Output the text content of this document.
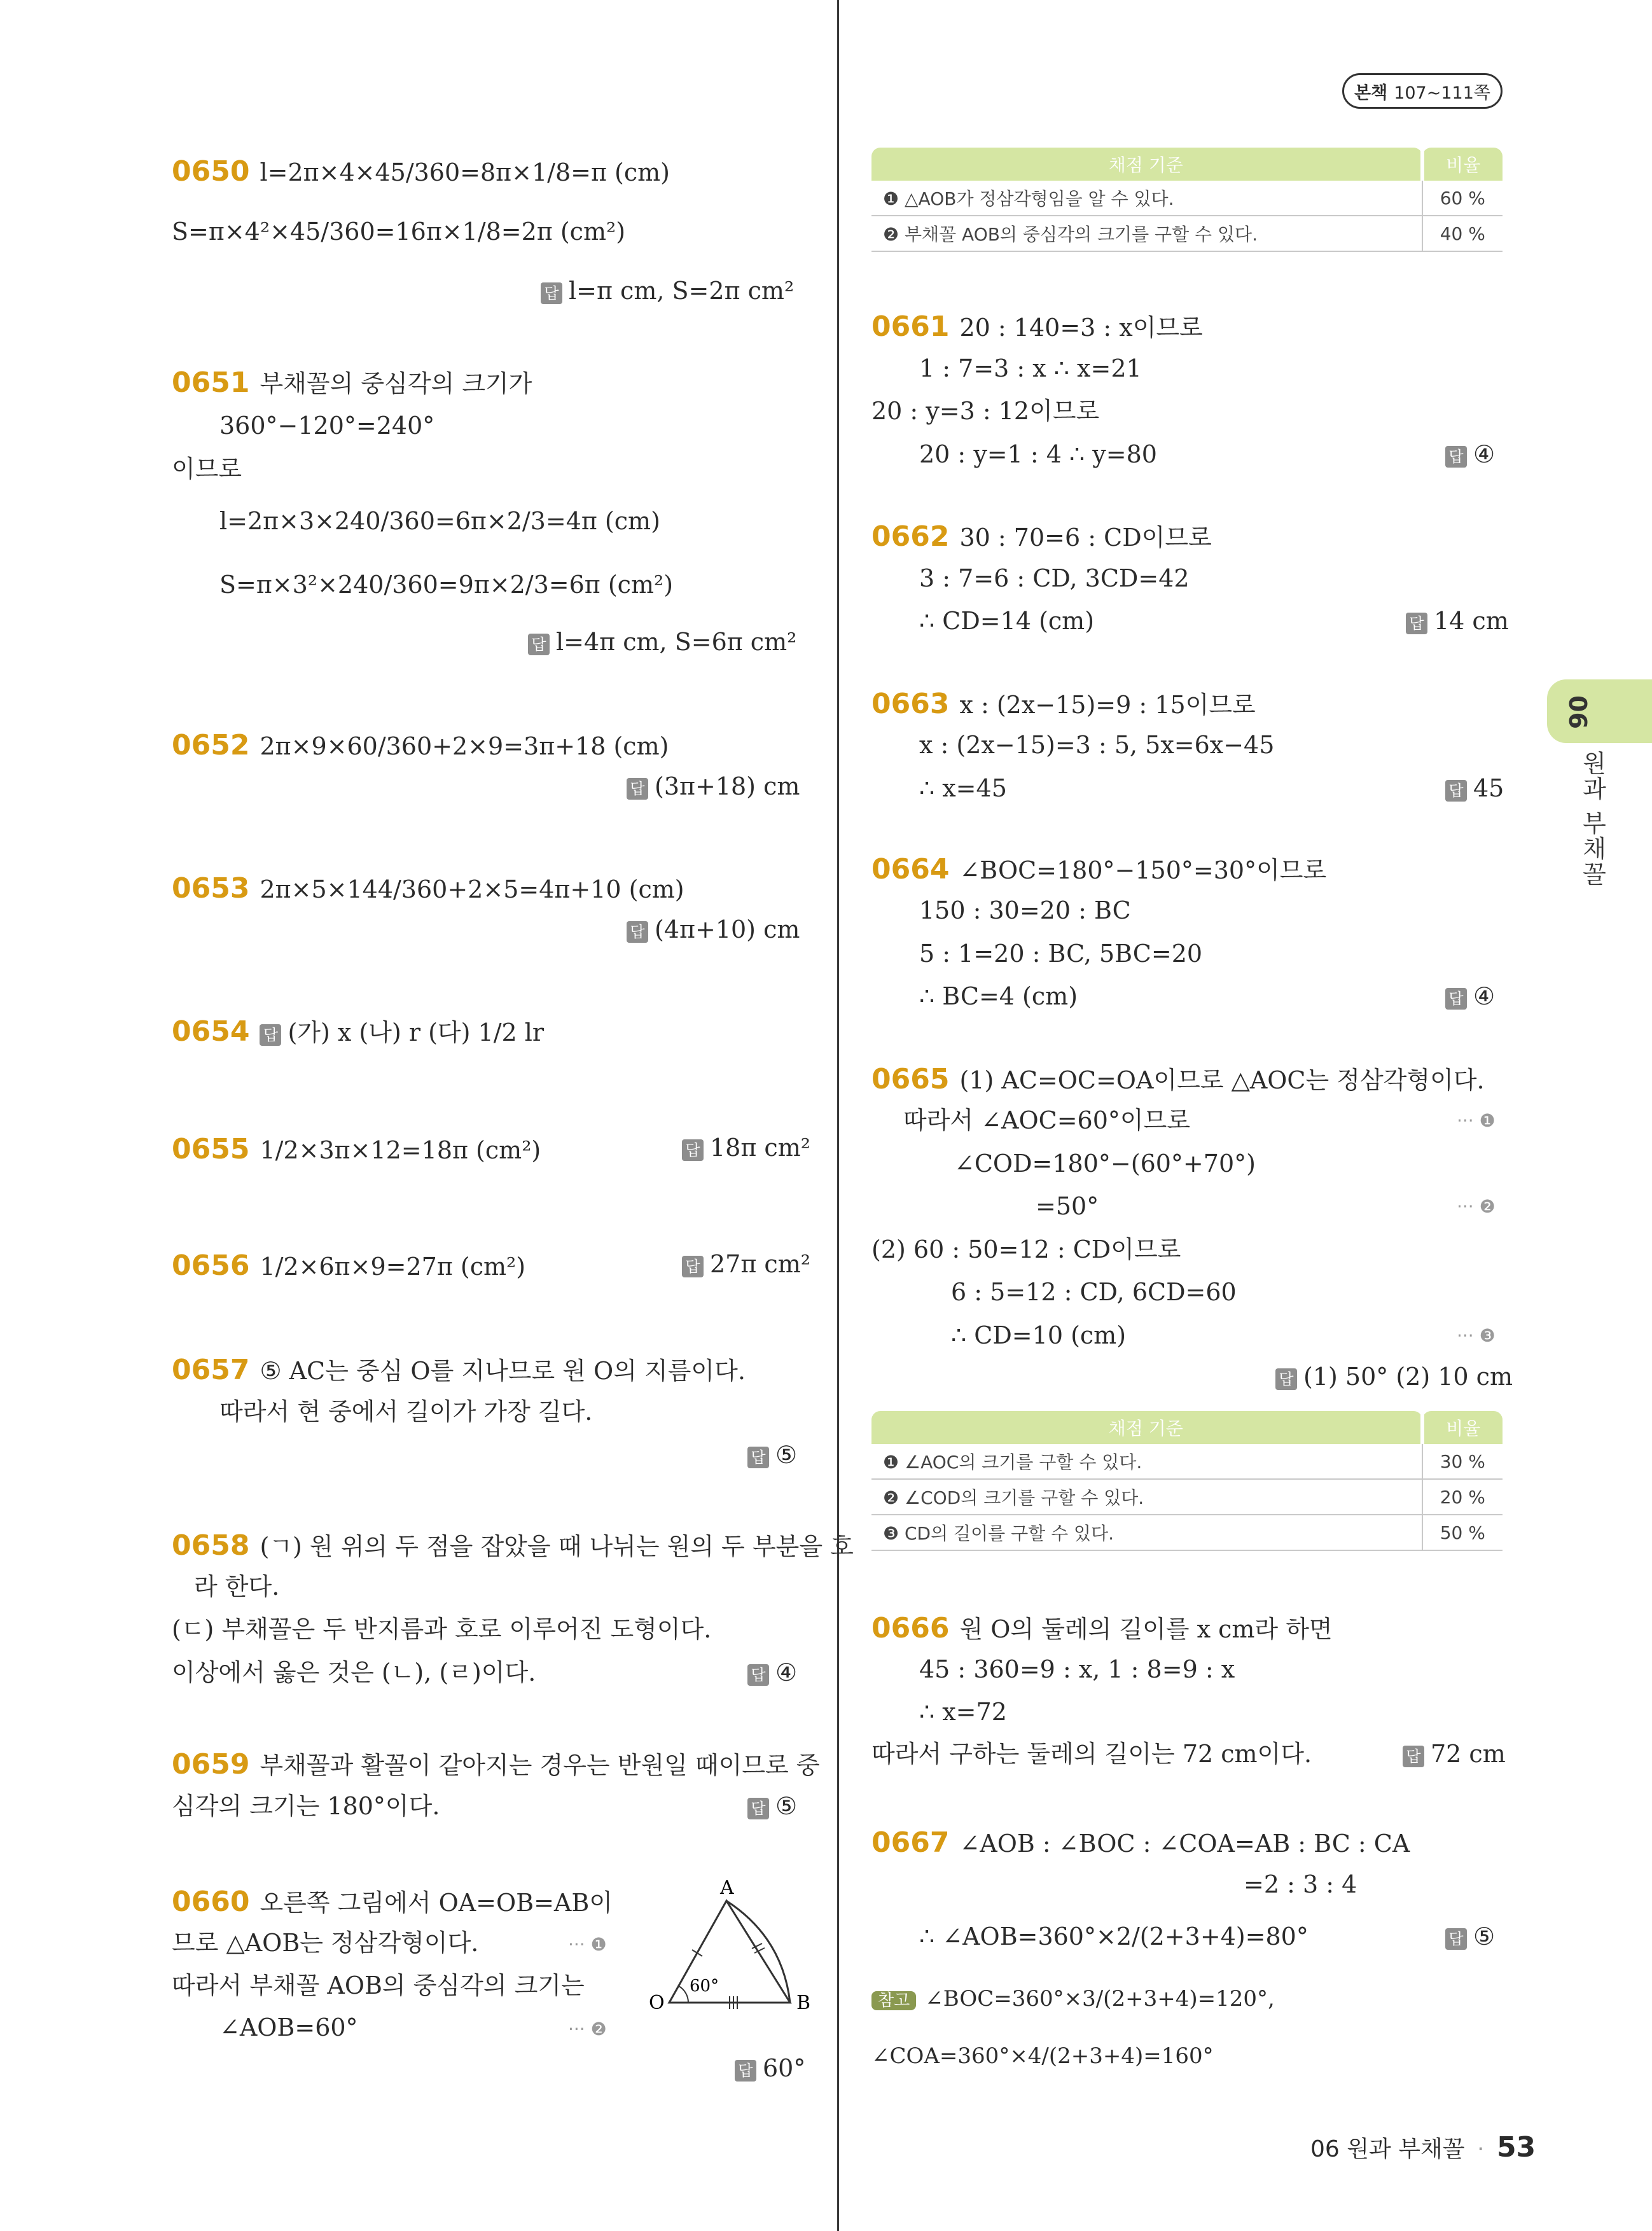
본책 107~111쪽
06
원과 부채꼴
0650 l=2π×4×45/360=8π×1/8=π (cm)
S=π×4²×45/360=16π×1/8=2π (cm²)
답 l=π cm, S=2π cm²
0651 부채꼴의 중심각의 크기가
360°−120°=240°
이므로
l=2π×3×240/360=6π×2/3=4π (cm)
S=π×3²×240/360=9π×2/3=6π (cm²)
답 l=4π cm, S=6π cm²
0652 2π×9×60/360+2×9=3π+18 (cm)
답 (3π+18) cm
0653 2π×5×144/360+2×5=4π+10 (cm)
답 (4π+10) cm
0654 답 (가) x (나) r (다) 1/2 lr
0655 1/2×3π×12=18π (cm²)	답 18π cm²
0656 1/2×6π×9=27π (cm²)	답 27π cm²
0657 ⑤ AC는 중심 O를 지나므로 원 O의 지름이다.
따라서 현 중에서 길이가 가장 길다.
답 ⑤
0658 (ㄱ) 원 위의 두 점을 잡았을 때 나뉘는 원의 두 부분을 호
라 한다.
(ㄷ) 부채꼴은 두 반지름과 호로 이루어진 도형이다.
이상에서 옳은 것은 (ㄴ), (ㄹ)이다.	답 ④
0659 부채꼴과 활꼴이 같아지는 경우는 반원일 때이므로 중
심각의 크기는 180°이다.	답 ⑤
0660 오른쪽 그림에서 OA=OB=AB이
므로 △AOB는 정삼각형이다.	··· ❶
따라서 부채꼴 AOB의 중심각의 크기는
∠AOB=60°	··· ❷
답 60°
A
O	B
60°
채점 기준	비율
❶ △AOB가 정삼각형임을 알 수 있다.	60 %
❷ 부채꼴 AOB의 중심각의 크기를 구할 수 있다.	40 %
0661 20 : 140=3 : x이므로
1 : 7=3 : x ∴ x=21
20 : y=3 : 12이므로
20 : y=1 : 4 ∴ y=80	답 ④
0662 30 : 70=6 : CD이므로
3 : 7=6 : CD, 3CD=42
∴ CD=14 (cm)	답 14 cm
0663 x : (2x−15)=9 : 15이므로
x : (2x−15)=3 : 5, 5x=6x−45
∴ x=45	답 45
0664 ∠BOC=180°−150°=30°이므로
150 : 30=20 : BC
5 : 1=20 : BC, 5BC=20
∴ BC=4 (cm)	답 ④
0665 (1) AC=OC=OA이므로 △AOC는 정삼각형이다.
따라서 ∠AOC=60°이므로	··· ❶
∠COD=180°−(60°+70°)
=50°	··· ❷
(2) 60 : 50=12 : CD이므로
6 : 5=12 : CD, 6CD=60
∴ CD=10 (cm)	··· ❸
답 (1) 50° (2) 10 cm
채점 기준	비율
❶ ∠AOC의 크기를 구할 수 있다.	30 %
❷ ∠COD의 크기를 구할 수 있다.	20 %
❸ CD의 길이를 구할 수 있다.	50 %
0666 원 O의 둘레의 길이를 x cm라 하면
45 : 360=9 : x, 1 : 8=9 : x
∴ x=72
따라서 구하는 둘레의 길이는 72 cm이다.	답 72 cm
0667 ∠AOB : ∠BOC : ∠COA=AB : BC : CA
=2 : 3 : 4
∴ ∠AOB=360°×2/(2+3+4)=80°	답 ⑤
참고 ∠BOC=360°×3/(2+3+4)=120°,
∠COA=360°×4/(2+3+4)=160°
06 원과 부채꼴 · 53
